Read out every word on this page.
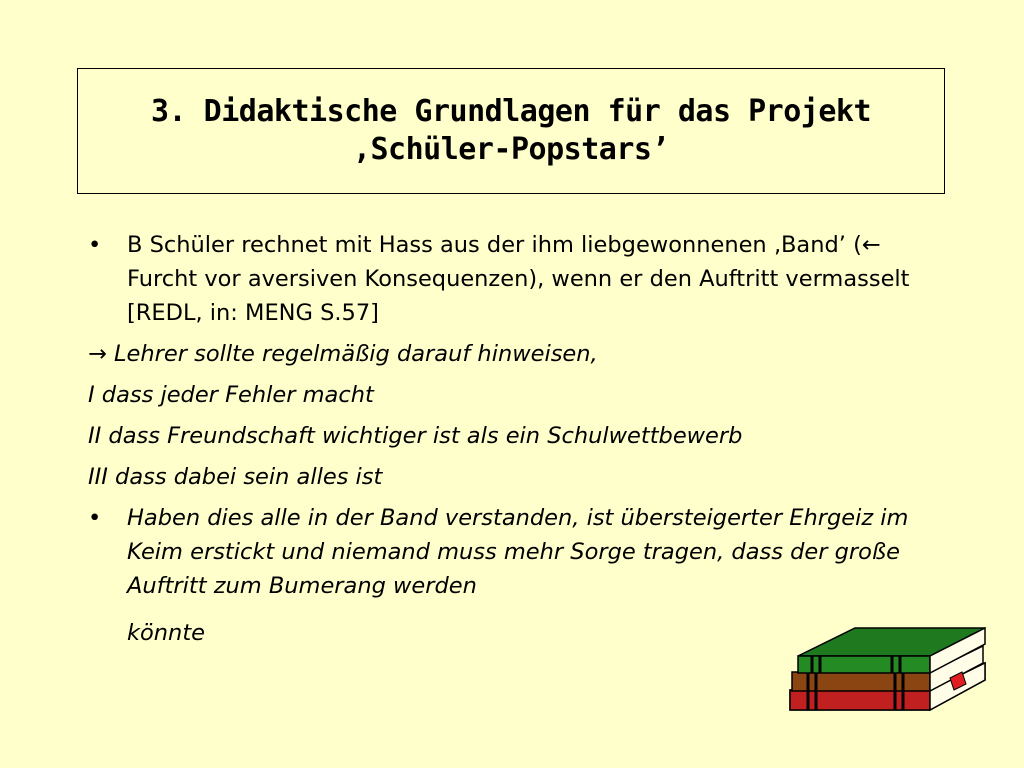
3. Didaktische Grundlagen für das Projekt
‚Schüler-Popstars’
• B Schüler rechnet mit Hass aus der ihm liebgewonnenen ‚Band’ (← Furcht vor aversiven Konsequenzen), wenn er den Auftritt vermasselt [REDL, in: MENG S.57]
→ Lehrer sollte regelmäßig darauf hinweisen,
I dass jeder Fehler macht
II dass Freundschaft wichtiger ist als ein Schulwettbewerb
III dass dabei sein alles ist
• Haben dies alle in der Band verstanden, ist übersteigerter Ehrgeiz im Keim erstickt und niemand muss mehr Sorge tragen, dass der große Auftritt zum Bumerang werden
könnte
